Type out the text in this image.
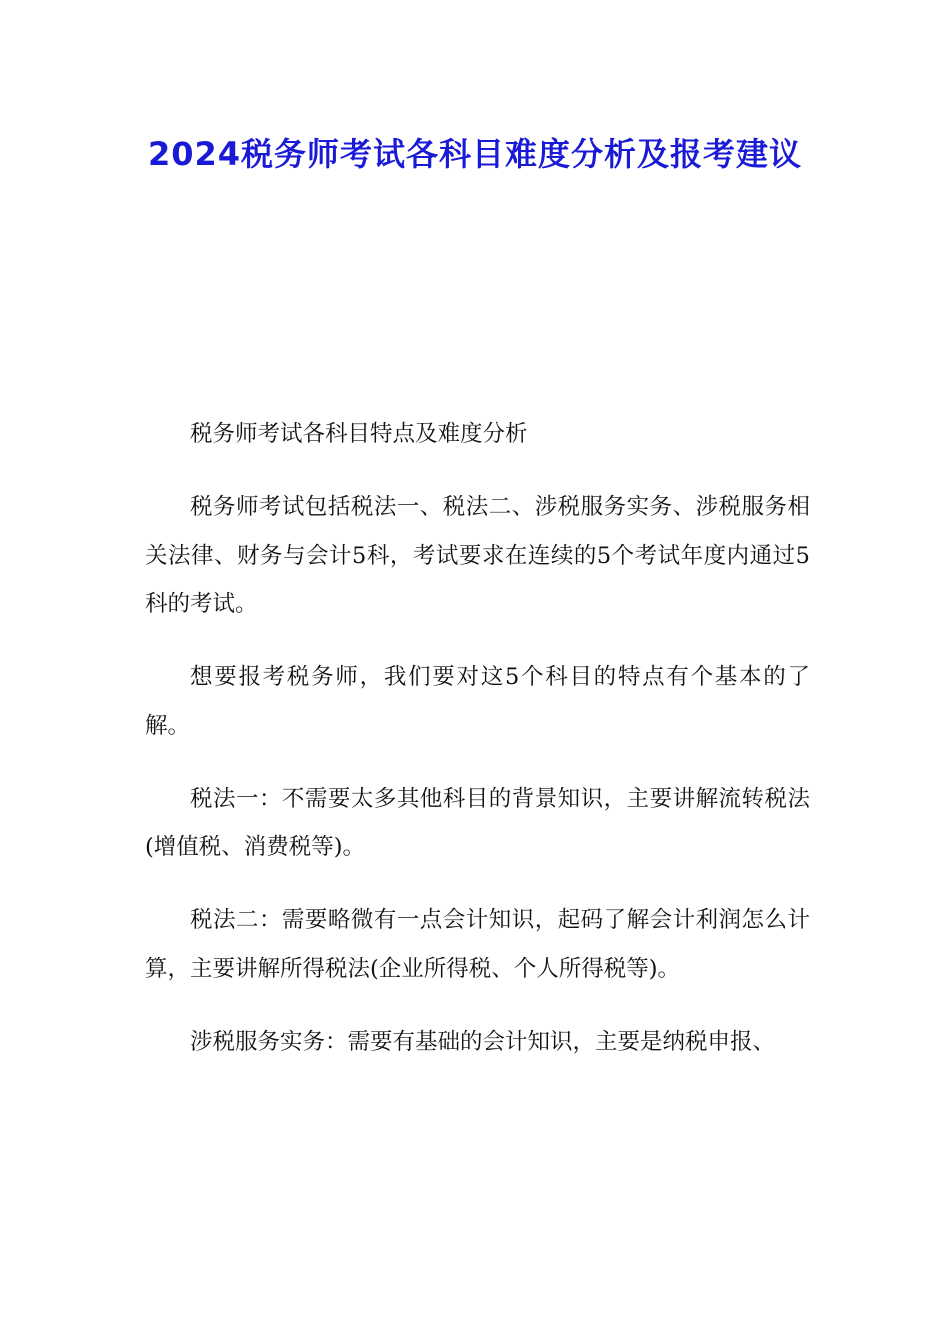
2024税务师考试各科目难度分析及报考建议

税务师考试各科目特点及难度分析

税务师考试包括税法一、税法二、涉税服务实务、涉税服务相关法律、财务与会计5科，考试要求在连续的5个考试年度内通过5科的考试。

想要报考税务师，我们要对这5个科目的特点有个基本的了解。

税法一：不需要太多其他科目的背景知识，主要讲解流转税法(增值税、消费税等)。

税法二：需要略微有一点会计知识，起码了解会计利润怎么计算，主要讲解所得税法(企业所得税、个人所得税等)。

涉税服务实务：需要有基础的会计知识，主要是纳税申报、
